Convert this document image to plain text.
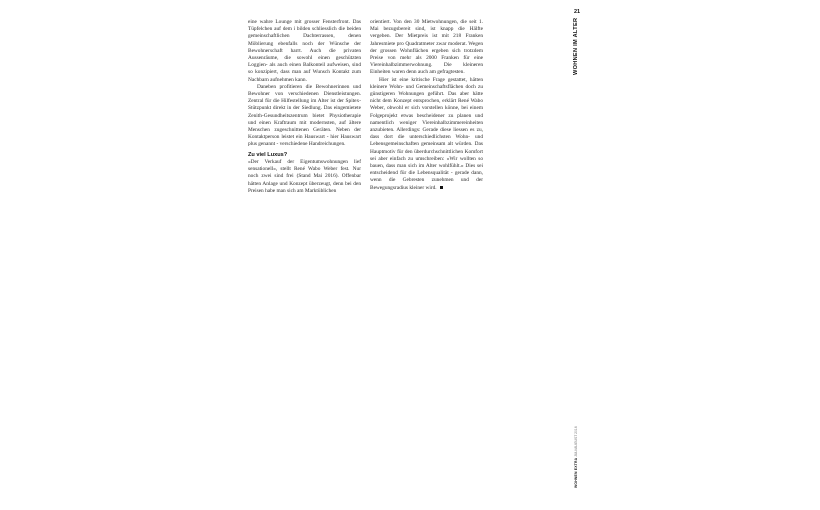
21
WOHNEN IM ALTER

eine wahre Lounge mit grosser Fensterfront. Das Tüpfelchen auf dem i bilden schliesslich die beiden gemeinschaftlichen Dachterrassen, denen Möblierung ebenfalls noch der Wünsche der Bewohnerschaft harrt. Auch die privaten Aussenräume, die sowohl einen geschützten Loggien- als auch einen Balkonteil aufweisen, sind so konzipiert, dass man auf Wunsch Kontakt zum Nachbarn aufnehmen kann.

Daneben profitieren die Bewohnerinnen und Bewohner von verschiedenen Dienstleistungen. Zentral für die Hilfestellung im Alter ist der Spitex-Stützpunkt direkt in der Siedlung. Das eingemietete Zenith-Gesundheitszentrum bietet Physiotherapie und einen Kraftraum mit modernsten, auf ältere Menschen zugeschnittenen Geräten. Neben der Kontaktperson leistet ein Hauswart - hier Hauswart plus genannt - verschiedene Handreichungen.

Zu viel Luxus?

«Der Verkauf der Eigentumswohnungen lief sensationell», stellt René Wabo Weber fest. Nur noch zwei sind frei (Stand Mai 2016). Offenbar hätten Anlage und Konzept überzeugt, denn bei den Preisen habe man sich am Marktüblichen

orientiert. Von den 30 Mietwohnungen, die seit 1. Mai bezugsbereit sind, ist knapp die Hälfte vergeben. Der Mietpreis ist mit 218 Franken Jahresmiete pro Quadratmeter zwar moderat. Wegen der grossen Wohnflächen ergeben sich trotzdem Preise von mehr als 2000 Franken für eine Viereinhalbzimmerwohnung. Die kleineren Einheiten waren denn auch am gefragtesten.

Hier ist eine kritische Frage gestattet, hätten kleinere Wohn- und Gemeinschaftsflächen doch zu günstigeren Wohnungen geführt. Das aber hätte nicht dem Konzept entsprochen, erklärt René Wabo Weber, obwohl er sich vorstellen könne, bei einem Folgeprojekt etwas bescheidener zu planen und namentlich weniger Viereinhalbzimmereinheiten anzubieten. Allerdings: Gerade diese liessen es zu, dass dort die unterschiedlichsten Wohn- und Lebensgemeinschaften gemeinsam alt würden. Das Hauptmotiv für den überdurchschnittlichen Komfort sei aber einfach zu umschreiben: «Wir wollten so bauen, dass man sich im Alter wohlfühlt.» Dies sei entscheidend für die Lebensqualität - gerade dann, wenn die Gebresten zunehmen und der Bewegungsradius kleiner wird.

WOHNEN EXTRA JULI/AUGUST 2016
